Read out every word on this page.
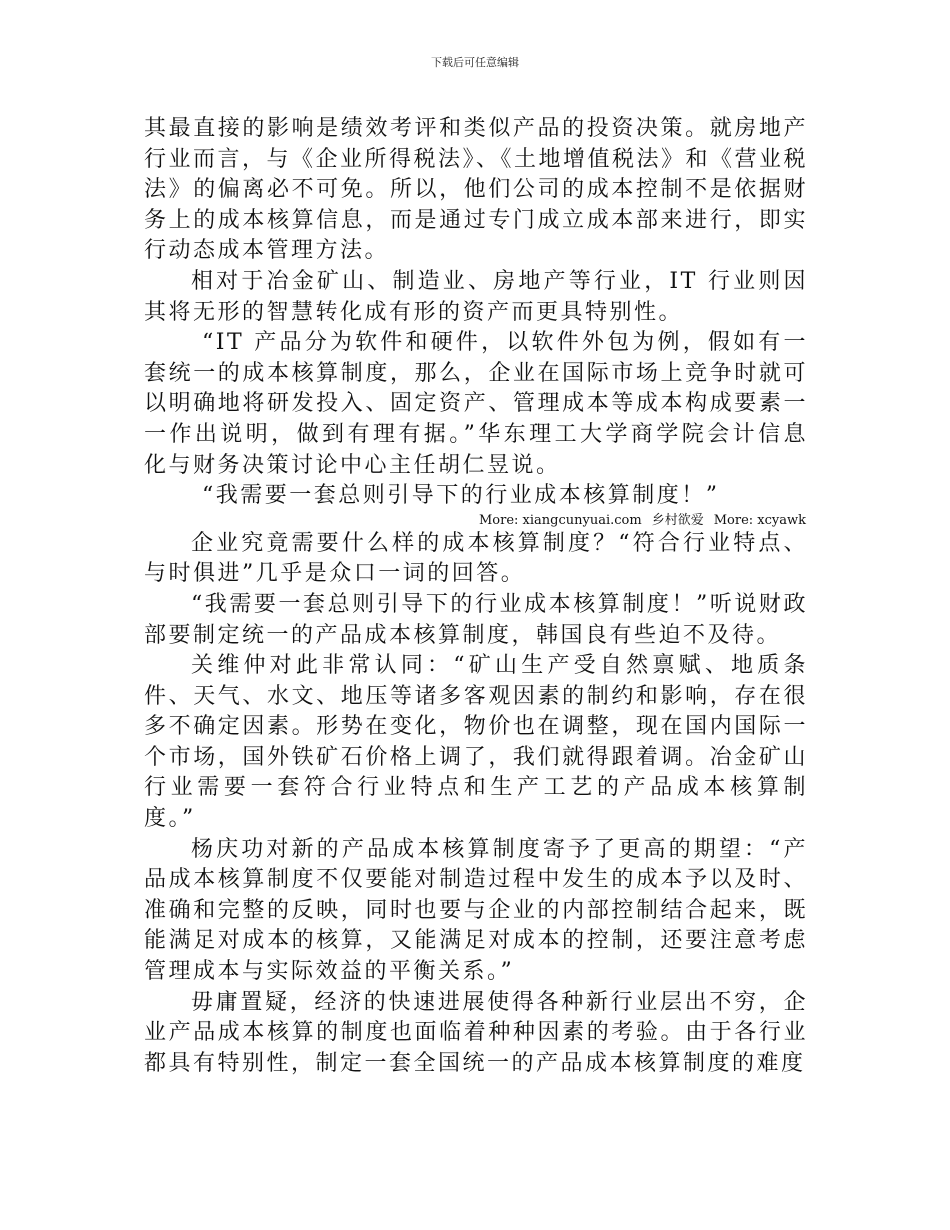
下载后可任意编辑

其最直接的影响是绩效考评和类似产品的投资决策。就房地产行业而言，与《企业所得税法》、《土地增值税法》和《营业税法》的偏离必不可免。所以，他们公司的成本控制不是依据财务上的成本核算信息，而是通过专门成立成本部来进行，即实行动态成本管理方法。

相对于冶金矿山、制造业、房地产等行业，IT 行业则因其将无形的智慧转化成有形的资产而更具特别性。

“IT 产品分为软件和硬件，以软件外包为例，假如有一套统一的成本核算制度，那么，企业在国际市场上竞争时就可以明确地将研发投入、固定资产、管理成本等成本构成要素一一作出说明，做到有理有据。”华东理工大学商学院会计信息化与财务决策讨论中心主任胡仁昱说。

“我需要一套总则引导下的行业成本核算制度！”

More: xiangcunyuai.com 乡村欲爱 More: xcyawk

企业究竟需要什么样的成本核算制度？“符合行业特点、与时俱进”几乎是众口一词的回答。

“我需要一套总则引导下的行业成本核算制度！”听说财政部要制定统一的产品成本核算制度，韩国良有些迫不及待。

关维仲对此非常认同：“矿山生产受自然禀赋、地质条件、天气、水文、地压等诸多客观因素的制约和影响，存在很多不确定因素。形势在变化，物价也在调整，现在国内国际一个市场，国外铁矿石价格上调了，我们就得跟着调。冶金矿山行业需要一套符合行业特点和生产工艺的产品成本核算制度。”

杨庆功对新的产品成本核算制度寄予了更高的期望：“产品成本核算制度不仅要能对制造过程中发生的成本予以及时、准确和完整的反映，同时也要与企业的内部控制结合起来，既能满足对成本的核算，又能满足对成本的控制，还要注意考虑管理成本与实际效益的平衡关系。”

毋庸置疑，经济的快速进展使得各种新行业层出不穷，企业产品成本核算的制度也面临着种种因素的考验。由于各行业都具有特别性，制定一套全国统一的产品成本核算制度的难度
